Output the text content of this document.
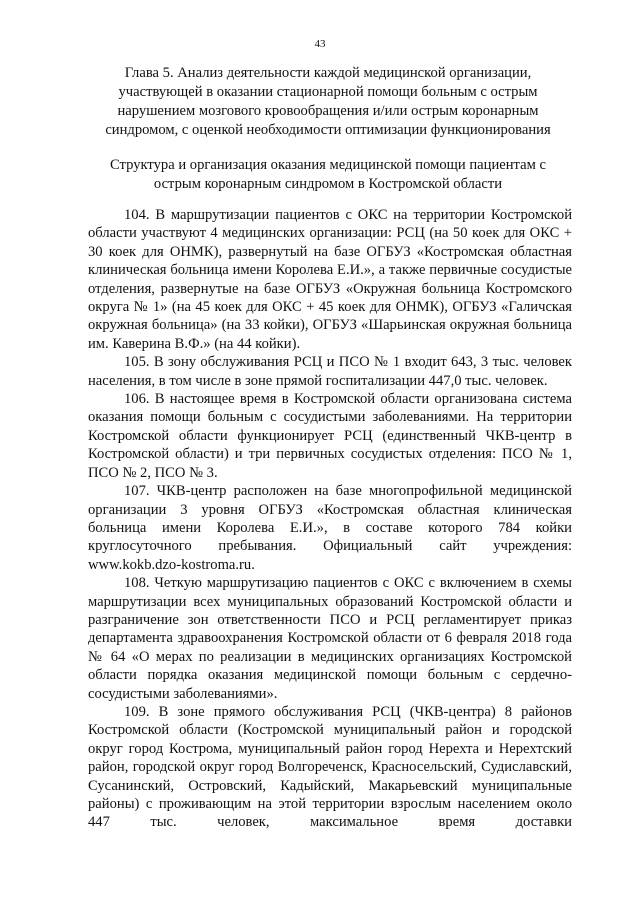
43
Глава 5. Анализ деятельности каждой медицинской организации, участвующей в оказании стационарной помощи больным с острым нарушением мозгового кровообращения и/или острым коронарным синдромом, с оценкой необходимости оптимизации функционирования
Структура и организация оказания медицинской помощи пациентам с острым коронарным синдромом в Костромской области

104. В маршрутизации пациентов с ОКС на территории Костромской области участвуют 4 медицинских организации: РСЦ (на 50 коек для ОКС + 30 коек для ОНМК), развернутый на базе ОГБУЗ «Костромская областная клиническая больница имени Королева Е.И.», а также первичные сосудистые отделения, развернутые на базе ОГБУЗ «Окружная больница Костромского округа № 1» (на 45 коек для ОКС + 45 коек для ОНМК), ОГБУЗ «Галичская окружная больница» (на 33 койки), ОГБУЗ «Шарьинская окружная больница им. Каверина В.Ф.» (на 44 койки).

105. В зону обслуживания РСЦ и ПСО № 1 входит 643, 3 тыс. человек населения, в том числе в зоне прямой госпитализации 447,0 тыс. человек.

106. В настоящее время в Костромской области организована система оказания помощи больным с сосудистыми заболеваниями. На территории Костромской области функционирует РСЦ (единственный ЧКВ-центр в Костромской области) и три первичных сосудистых отделения: ПСО № 1, ПСО № 2, ПСО № 3.

107. ЧКВ-центр расположен на базе многопрофильной медицинской организации 3 уровня ОГБУЗ «Костромская областная клиническая больница имени Королева Е.И.», в составе которого 784 койки круглосуточного пребывания. Официальный сайт учреждения: www.kokb.dzo-kostroma.ru.

108. Четкую маршрутизацию пациентов с ОКС с включением в схемы маршрутизации всех муниципальных образований Костромской области и разграничение зон ответственности ПСО и РСЦ регламентирует приказ департамента здравоохранения Костромской области от 6 февраля 2018 года № 64 «О мерах по реализации в медицинских организациях Костромской области порядка оказания медицинской помощи больным с сердечно-сосудистыми заболеваниями».

109. В зоне прямого обслуживания РСЦ (ЧКВ-центра) 8 районов Костромской области (Костромской муниципальный район и городской округ город Кострома, муниципальный район город Нерехта и Нерехтский район, городской округ город Волгореченск, Красносельский, Судиславский, Сусанинский, Островский, Кадыйский, Макарьевский муниципальные районы) с проживающим на этой территории взрослым населением около 447 тыс. человек, максимальное время доставки
